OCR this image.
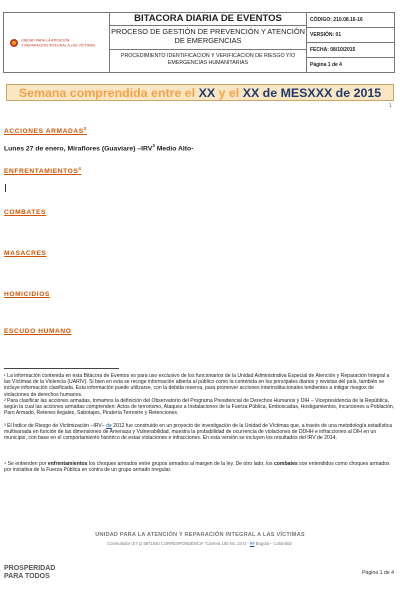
UNIDAD PARA LA ATENCIÓN
Y REPARACIÓN INTEGRAL A LAS VÍCTIMAS
BITACORA DIARIA DE EVENTOS
PROCESO DE GESTIÓN DE PREVENCIÓN Y ATENCIÓN DE EMERGENCIAS
PROCEDIMIENTO IDENTIFICACION Y VERIFICACION DE RIESGO Y/O EMERGENCIAS HUMANITARIAS
CÓDIGO: 210.08.16-16
VERSIÓN: 01
FECHA: 08/10/2015
Página 1 de 4
Semana comprendida entre el XX y el XX de MESXXX de 2015
1
ACCIONES ARMADAS$^2$
Lunes 27 de enero, Miraflores (Guaviare) –IRV$^3$ Medio Alto-
ENFRENTAMIENTOS$^4$
COMBATES
MASACRES
HOMICIDIOS
ESCUDO HUMANO
¹ La información contenida en esta Bitácora de Eventos es para uso exclusivo de los funcionarios de la Unidad Administrativa Especial de Atención y Reparación Integral a las Víctimas de la Violencia (UARIV). Si bien en esta se recoge información abierta al público como la contenida en los principales diarios y revistas del país, también se incluye información clasificada. Esta información puede utilizarse, con la debida reserva, para promover acciones interinstitucionales tendientes a mitigar riesgos de violaciones de derechos humanos.
² Para clasificar las acciones armadas, tomamos la definición del Observatorio del Programa Presidencial de Derechos Humanos y DIH – Vicepresidencia de la República, según la cual las acciones armadas comprenden: Actos de terrorismo, Ataques a Instalaciones de la Fuerza Pública, Emboscadas, Hostigamientos, Incursiones a Población, Paro Armado, Retenes ilegales, Sabotajes, Piratería Terrestre y Retenciones.
³ El Índice de Riesgo de Victimización –IRV– de 2012 fue construido en un proyecto de investigación de la Unidad de Víctimas que, a través de una metodología estadística multivariada en función de las dimensiones de Amenaza y Vulnerabilidad, muestra la probabilidad de ocurrencia de violaciones de DDHH e infracciones al DIH en un municipio, con base en el comportamiento histórico de estas violaciones e infracciones. En esta versión se incluyen los resultados del IRV de 2014.
⁴ Se entienden por enfrentamientos los choques armados entre grupos armados al margen de la ley. De otro lado, los combates son entendidos como choques armados por iniciativa de la Fuerza Pública en contra de un grupo armado irregular.
UNIDAD PARA LA ATENCIÓN Y REPARACIÓN INTEGRAL A LAS VÍCTIMAS
Conmutador (57 1) 5971640 CORRESPONDENCIA "Carrera 100 No. 24 D - ## Bogotá – Colombia"
PROSPERIDAD
PARA TODOS	Página 1 de 4
